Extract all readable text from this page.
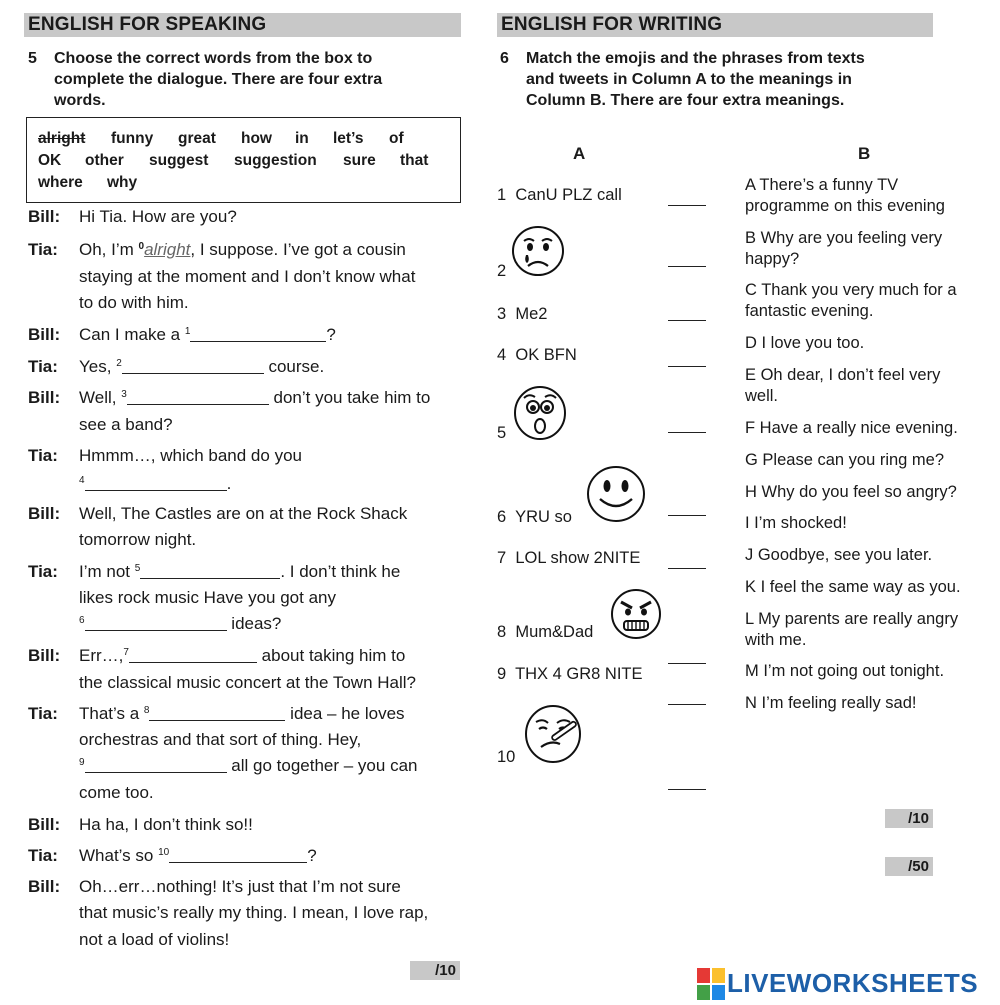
ENGLISH FOR SPEAKING
5 Choose the correct words from the box to
complete the dialogue. There are four extra
words.
alright funny great how in let’s of
OK other suggest suggestion sure that
where why
Bill: Hi Tia. How are you?
Tia: Oh, I’m $^0$alright, I suppose. I’ve got a cousin
staying at the moment and I don’t know what
to do with him.
Bill: Can I make a $^1$	?
Tia: Yes, $^2$	course.
Bill: Well, $^3$	don’t you take him to
see a band?
Tia: Hmmm…, which band do you
$^4$	.
Bill: Well, The Castles are on at the Rock Shack
tomorrow night.
Tia: I’m not $^5$	. I don’t think he
likes rock music Have you got any
$^6$	ideas?
Bill: Err…,$^7$	about taking him to
the classical music concert at the Town Hall?
Tia: That’s a $^8$	idea – he loves
orchestras and that sort of thing. Hey,
$^9$	all go together – you can
come too.
Bill: Ha ha, I don’t think so!!
Tia: What’s so $^{10}$	?
Bill: Oh…err…nothing! It’s just that I’m not sure
that music’s really my thing. I mean, I love rap,
not a load of violins!
/10
ENGLISH FOR WRITING
6 Match the emojis and the phrases from texts
and tweets in Column A to the meanings in
Column B. There are four extra meanings.
A	B
1 CanU PLZ call
2
3 Me2
4 OK BFN
5
6 YRU so
7 LOL show 2NITE
8 Mum&Dad
9 THX 4 GR8 NITE
10
A There’s a funny TV
programme on this evening
B Why are you feeling very
happy?
C Thank you very much for a
fantastic evening.
D I love you too.
E Oh dear, I don’t feel very
well.
F Have a really nice evening.
G Please can you ring me?
H Why do you feel so angry?
I I’m shocked!
J Goodbye, see you later.
K I feel the same way as you.
L My parents are really angry
with me.
M I’m not going out tonight.
N I’m feeling really sad!
/10
/50
LIVEWORKSHEETS
